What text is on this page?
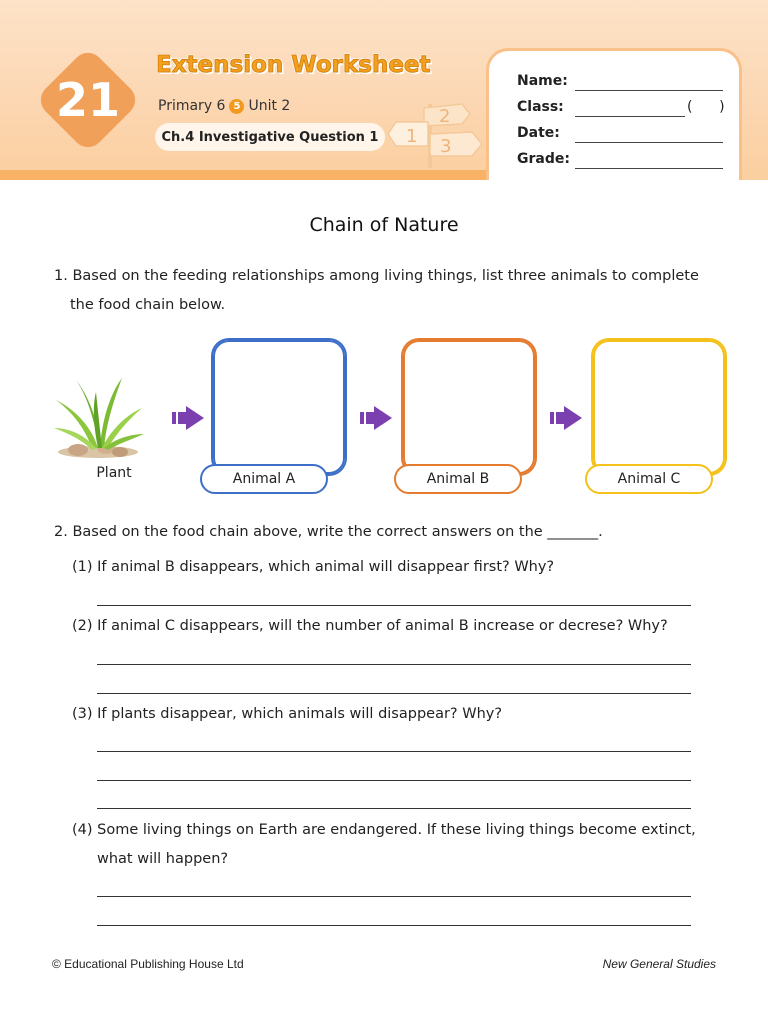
21
Extension Worksheet
Primary 6 5 Unit 2
Ch.4 Investigative Question 1	1
2
3
Name:
Class:	(      )
Date:
Grade:
Chain of Nature
1. Based on the feeding relationships among living things, list three animals to complete
the food chain below.
Plant	Animal A	Animal B	Animal C
2. Based on the food chain above, write the correct answers on the _______.
(1) If animal B disappears, which animal will disappear first? Why?
(2) If animal C disappears, will the number of animal B increase or decrese? Why?
(3) If plants disappear, which animals will disappear? Why?
(4) Some living things on Earth are endangered. If these living things become extinct,
what will happen?
© Educational Publishing House Ltd	New General Studies
